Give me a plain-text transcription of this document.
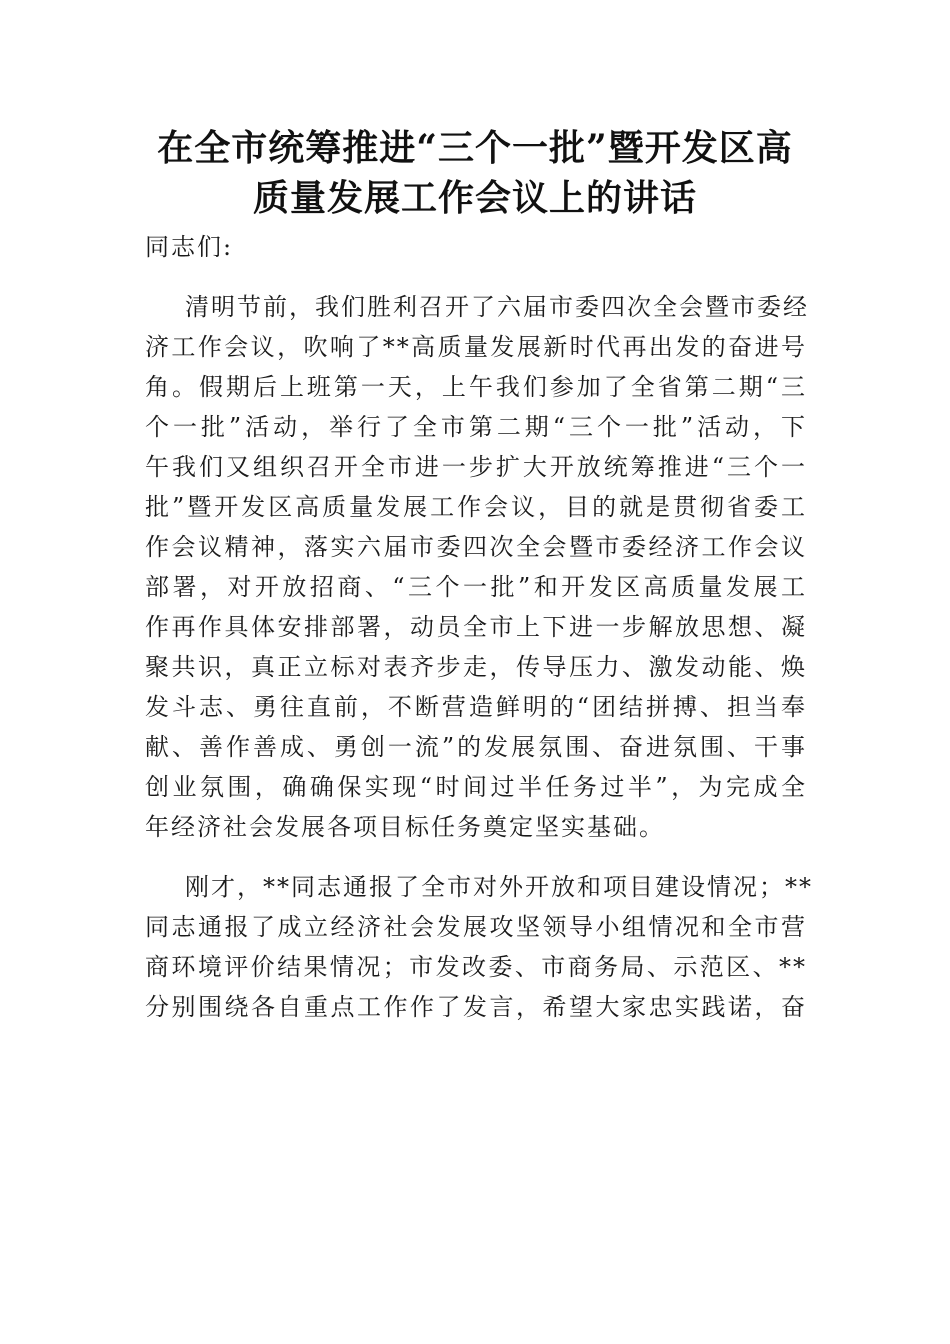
在全市统筹推进“三个一批”暨开发区高
质量发展工作会议上的讲话

同志们:

清明节前，我们胜利召开了六届市委四次全会暨市委经
济工作会议，吹响了**高质量发展新时代再出发的奋进号
角。假期后上班第一天，上午我们参加了全省第二期“三
个一批”活动，举行了全市第二期“三个一批”活动，下
午我们又组织召开全市进一步扩大开放统筹推进“三个一
批”暨开发区高质量发展工作会议，目的就是贯彻省委工
作会议精神，落实六届市委四次全会暨市委经济工作会议
部署，对开放招商、“三个一批”和开发区高质量发展工
作再作具体安排部署，动员全市上下进一步解放思想、凝
聚共识，真正立标对表齐步走，传导压力、激发动能、焕
发斗志、勇往直前，不断营造鲜明的“团结拼搏、担当奉
献、善作善成、勇创一流”的发展氛围、奋进氛围、干事
创业氛围，确确保实现“时间过半任务过半”，为完成全
年经济社会发展各项目标任务奠定坚实基础。

刚才，**同志通报了全市对外开放和项目建设情况；**
同志通报了成立经济社会发展攻坚领导小组情况和全市营
商环境评价结果情况；市发改委、市商务局、示范区、**
分别围绕各自重点工作作了发言，希望大家忠实践诺，奋
